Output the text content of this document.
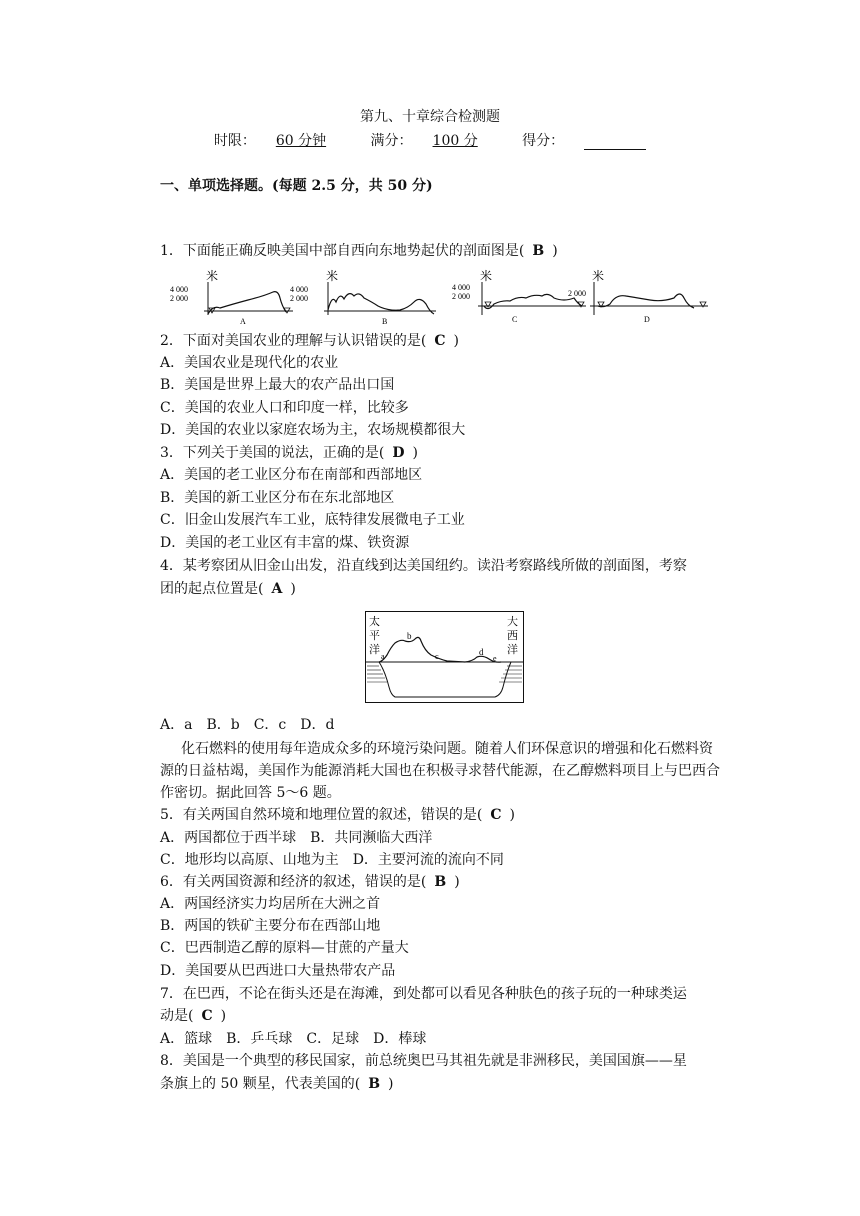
第九、十章综合检测题
时限： 60 分钟	满分： 100 分	得分：
一、单项选择题。(每题 2.5 分，共 50 分)
1．下面能正确反映美国中部自西向东地势起伏的剖面图是( B )
米
4 000
2 000
A
米
4 000
2 000
B
米
4 000
2 000
C
米
2 000
D
2．下面对美国农业的理解与认识错误的是( C )
A．美国农业是现代化的农业
B．美国是世界上最大的农产品出口国
C．美国的农业人口和印度一样，比较多
D．美国的农业以家庭农场为主，农场规模都很大
3．下列关于美国的说法，正确的是( D )
A．美国的老工业区分布在南部和西部地区
B．美国的新工业区分布在东北部地区
C．旧金山发展汽车工业，底特律发展微电子工业
D．美国的老工业区有丰富的煤、铁资源
4．某考察团从旧金山出发，沿直线到达美国纽约。读沿考察路线所做的剖面图，考察
团的起点位置是( A )
太
平
洋
大
西
洋
a
b
c	d
e
A．a　B．b　C．c　D．d
化石燃料的使用每年造成众多的环境污染问题。随着人们环保意识的增强和化石燃料资
源的日益枯竭，美国作为能源消耗大国也在积极寻求替代能源，在乙醇燃料项目上与巴西合
作密切。据此回答 5～6 题。
5．有关两国自然环境和地理位置的叙述，错误的是( C )
A．两国都位于西半球　B．共同濒临大西洋
C．地形均以高原、山地为主　D．主要河流的流向不同
6．有关两国资源和经济的叙述，错误的是( B )
A．两国经济实力均居所在大洲之首
B．两国的铁矿主要分布在西部山地
C．巴西制造乙醇的原料—甘蔗的产量大
D．美国要从巴西进口大量热带农产品
7．在巴西，不论在街头还是在海滩，到处都可以看见各种肤色的孩子玩的一种球类运
动是( C )
A．篮球　B．乒乓球　C．足球　D．棒球
8．美国是一个典型的移民国家，前总统奥巴马其祖先就是非洲移民，美国国旗——星
条旗上的 50 颗星，代表美国的( B )
